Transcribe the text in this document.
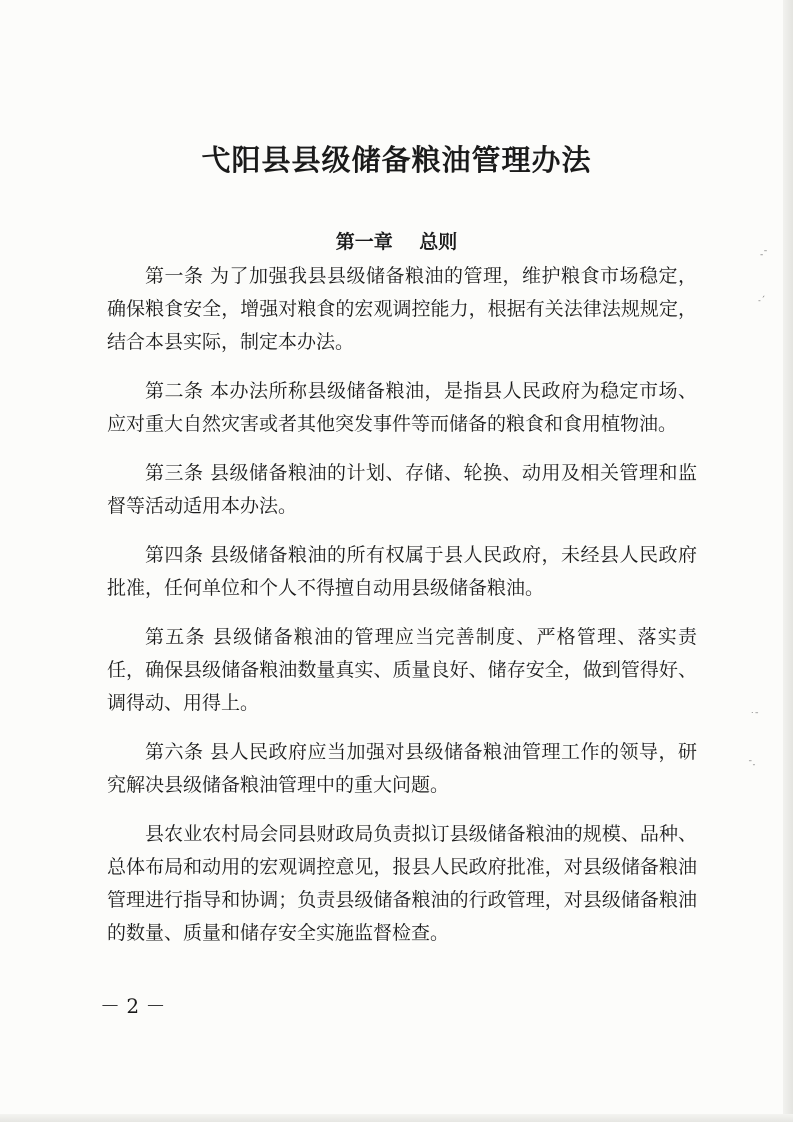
‑ˉ
˗ˊ
˙ˉ
ˉ˗
弋阳县县级储备粮油管理办法
第一章    总则

第一条 为了加强我县县级储备粮油的管理，维护粮食市场稳定，确保粮食安全，增强对粮食的宏观调控能力，根据有关法律法规规定，结合本县实际，制定本办法。

第二条 本办法所称县级储备粮油，是指县人民政府为稳定市场、应对重大自然灾害或者其他突发事件等而储备的粮食和食用植物油。

第三条 县级储备粮油的计划、存储、轮换、动用及相关管理和监督等活动适用本办法。

第四条 县级储备粮油的所有权属于县人民政府，未经县人民政府批准，任何单位和个人不得擅自动用县级储备粮油。

第五条 县级储备粮油的管理应当完善制度、严格管理、落实责任，确保县级储备粮油数量真实、质量良好、储存安全，做到管得好、调得动、用得上。

第六条 县人民政府应当加强对县级储备粮油管理工作的领导，研究解决县级储备粮油管理中的重大问题。

县农业农村局会同县财政局负责拟订县级储备粮油的规模、品种、总体布局和动用的宏观调控意见，报县人民政府批准，对县级储备粮油管理进行指导和协调；负责县级储备粮油的行政管理，对县级储备粮油的数量、质量和储存安全实施监督检查。

－ 2 －
